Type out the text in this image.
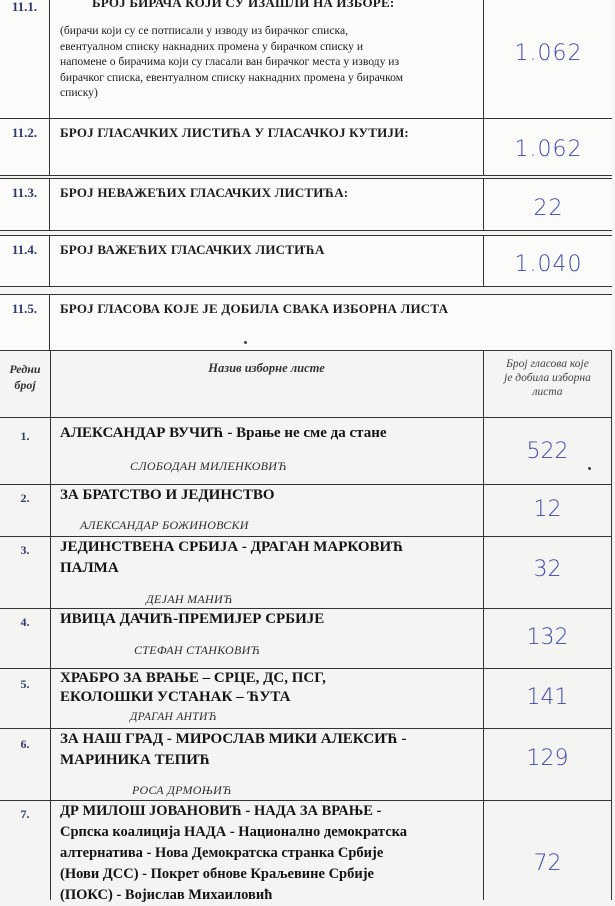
11.1.	БРОЈ БИРАЧА КОЈИ СУ ИЗАШЛИ НА ИЗБОРЕ:
(бирачи који су се потписали у изводу из бирачког списка,
евентуалном списку накнадних промена у бирачком списку и
напомене о бирачима који су гласали ван бирачког места у изводу из
бирачког списка, евентуалном списку накнадних промена у бирачком
списку)
1.062
11.2.	БРОЈ ГЛАСАЧКИХ ЛИСТИЋА У ГЛАСАЧКОЈ КУТИЈИ:
1.062
11.3.	БРОЈ НЕВАЖЕЋИХ ГЛАСАЧКИХ ЛИСТИЋА:
22
11.4.	БРОЈ ВАЖЕЋИХ ГЛАСАЧКИХ ЛИСТИЋА
1.040
11.5.	БРОЈ ГЛАСОВА КОЈЕ ЈЕ ДОБИЛА СВАКА ИЗБОРНА ЛИСТА
Редни
број
Назив изборне листе	Број гласова које
је добила изборна
листа
1.	АЛЕКСАНДАР ВУЧИЋ - Врање не сме да стане
СЛОБОДАН МИЛЕНКОВИЋ
522
2.	ЗА БРАТСТВО И ЈЕДИНСТВО
АЛЕКСАНДАР БОЖИНОВСКИ
12
3.	ЈЕДИНСТВЕНА СРБИЈА - ДРАГАН МАРКОВИЋ
ПАЛМА
ДЕЈАН МАНИЋ
32
4.	ИВИЦА ДАЧИЋ-ПРЕМИЈЕР СРБИЈЕ
СТЕФАН СТАНКОВИЋ	132
5.	ХРАБРО ЗА ВРАЊЕ – СРЦЕ, ДС, ПСГ,
ЕКОЛОШКИ УСТАНАК – ЋУТА
ДРАГАН АНТИЋ
141
6.	ЗА НАШ ГРАД - МИРОСЛАВ МИКИ АЛЕКСИЋ -
МАРИНИКА ТЕПИЋ
РОСА ДРМОЊИЋ
129
7.	ДР МИЛОШ ЈОВАНОВИЋ - НАДА ЗА ВРАЊЕ -
Српска коалиција НАДА - Национално демократска
алтернатива - Нова Демократска странка Србије
(Нови ДСС) - Покрет обнове Краљевине Србије
(ПОКС) - Војислав Михаиловић
72
